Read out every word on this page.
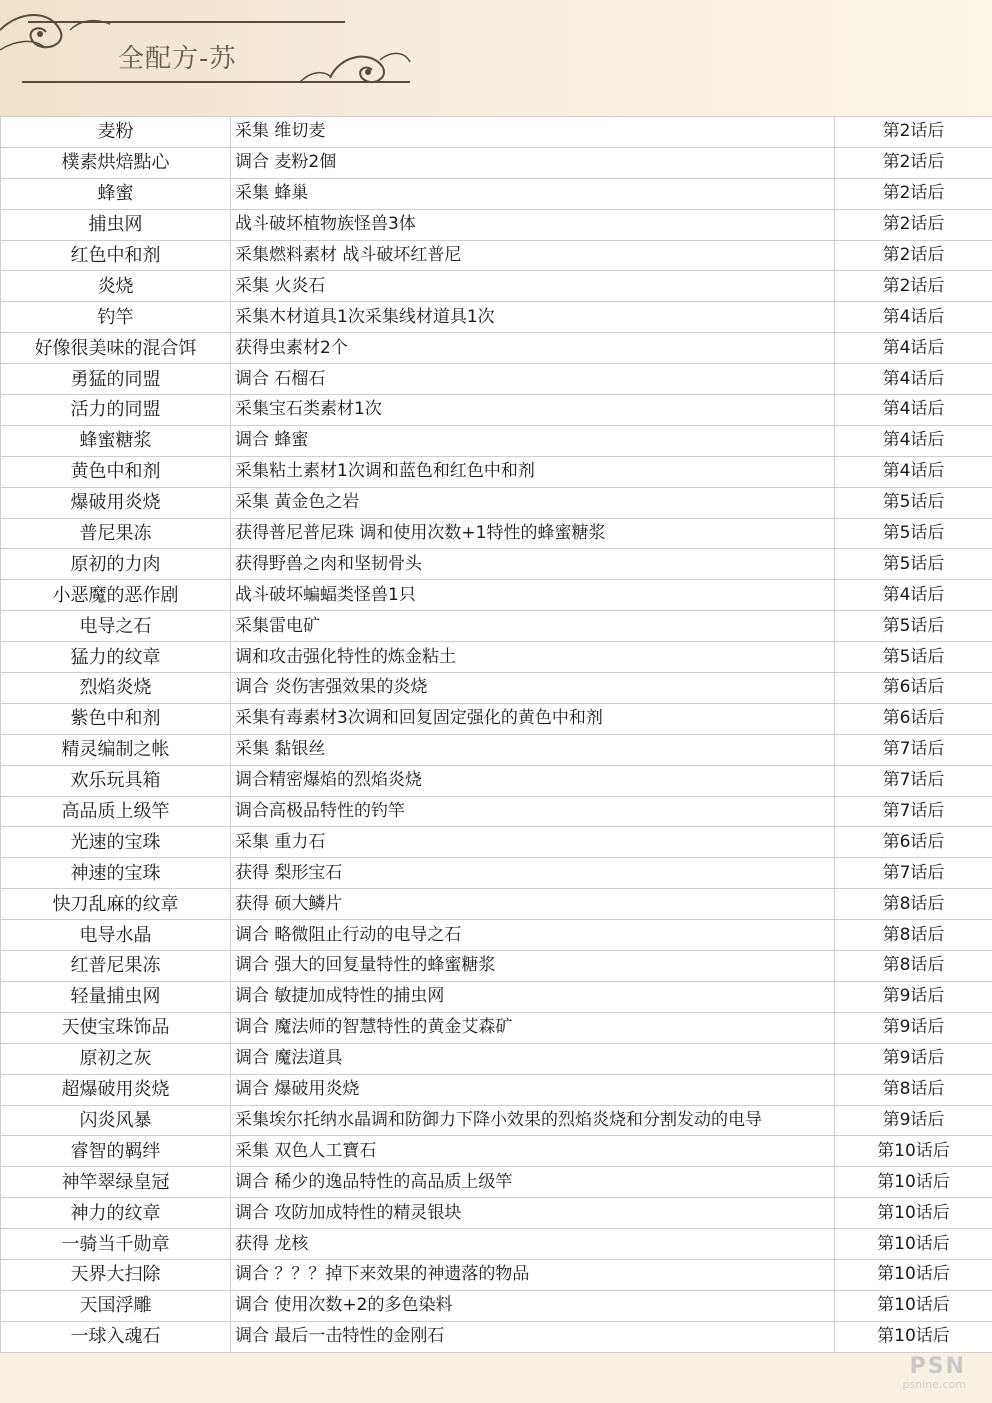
全配方-苏
麦粉	采集 维切麦	第2话后
樸素烘焙點心	调合 麦粉2個	第2话后
蜂蜜	采集 蜂巢	第2话后
捕虫网	战斗破坏植物族怪兽3体	第2话后
红色中和剂	采集燃料素材 战斗破坏红普尼	第2话后
炎烧	采集 火炎石	第2话后
钓竿	采集木材道具1次采集线材道具1次	第4话后
好像很美味的混合饵	获得虫素材2个	第4话后
勇猛的同盟	调合 石榴石	第4话后
活力的同盟	采集宝石类素材1次	第4话后
蜂蜜糖浆	调合 蜂蜜	第4话后
黄色中和剂	采集粘土素材1次调和蓝色和红色中和剂	第4话后
爆破用炎烧	采集 黃金色之岩	第5话后
普尼果冻	获得普尼普尼珠 调和使用次数+1特性的蜂蜜糖浆	第5话后
原初的力肉	获得野兽之肉和坚韧骨头	第5话后
小恶魔的恶作剧	战斗破坏蝙蝠类怪兽1只	第4话后
电导之石	采集雷电矿	第5话后
猛力的纹章	调和攻击强化特性的炼金粘土	第5话后
烈焰炎烧	调合 炎伤害强效果的炎烧	第6话后
紫色中和剂	采集有毒素材3次调和回复固定强化的黄色中和剂	第6话后
精灵编制之帐	采集 黏银丝	第7话后
欢乐玩具箱	调合精密爆焰的烈焰炎烧	第7话后
高品质上级竿	调合高极品特性的钓竿	第7话后
光速的宝珠	采集 重力石	第6话后
神速的宝珠	获得 梨形宝石	第7话后
快刀乱麻的纹章	获得 硕大鳞片	第8话后
电导水晶	调合 略微阻止行动的电导之石	第8话后
红普尼果冻	调合 强大的回复量特性的蜂蜜糖浆	第8话后
轻量捕虫网	调合 敏捷加成特性的捕虫网	第9话后
天使宝珠饰品	调合 魔法师的智慧特性的黄金艾森矿	第9话后
原初之灰	调合 魔法道具	第9话后
超爆破用炎烧	调合 爆破用炎烧	第8话后
闪炎风暴	采集埃尔托纳水晶调和防御力下降小效果的烈焰炎烧和分割发动的电导	第9话后
睿智的羁绊	采集 双色人工寶石	第10话后
神竿翠绿皇冠	调合 稀少的逸品特性的高品质上级竿	第10话后
神力的纹章	调合 攻防加成特性的精灵银块	第10话后
一骑当千勋章	获得 龙核	第10话后
天界大扫除	调合 ？？？掉下来效果的神遗落的物品	第10话后
天国浮雕	调合 使用次数+2的多色染料	第10话后
一球入魂石	调合 最后一击特性的金刚石	第10话后
PSN
psnine.com
